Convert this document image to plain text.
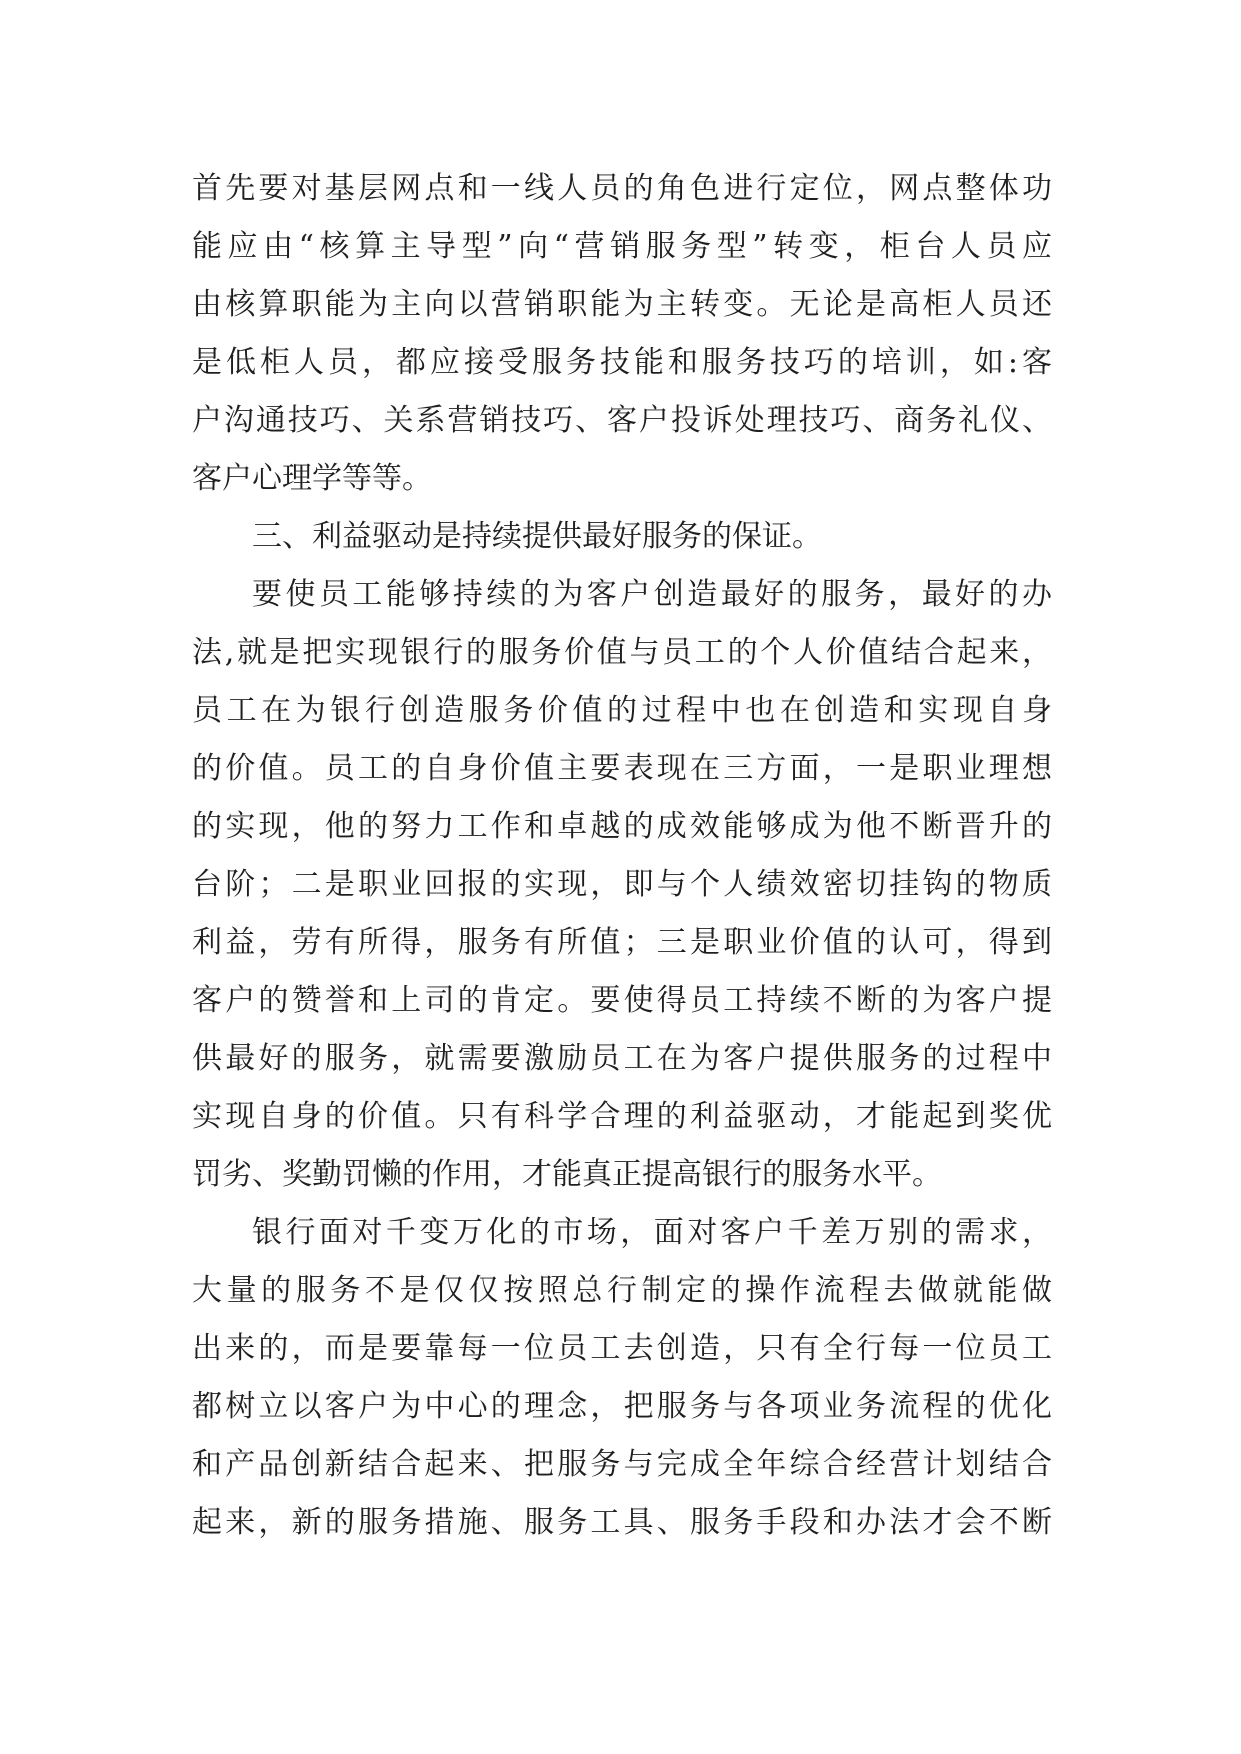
首先要对基层网点和一线人员的角色进行定位，网点整体功
能应由“核算主导型”向“营销服务型”转变，柜台人员应
由核算职能为主向以营销职能为主转变。无论是高柜人员还
是低柜人员，都应接受服务技能和服务技巧的培训，如:客
户沟通技巧、关系营销技巧、客户投诉处理技巧、商务礼仪、
客户心理学等等。
三、利益驱动是持续提供最好服务的保证。
要使员工能够持续的为客户创造最好的服务，最好的办
法,就是把实现银行的服务价值与员工的个人价值结合起来，
员工在为银行创造服务价值的过程中也在创造和实现自身
的价值。员工的自身价值主要表现在三方面，一是职业理想
的实现，他的努力工作和卓越的成效能够成为他不断晋升的
台阶；二是职业回报的实现，即与个人绩效密切挂钩的物质
利益，劳有所得，服务有所值；三是职业价值的认可，得到
客户的赞誉和上司的肯定。要使得员工持续不断的为客户提
供最好的服务，就需要激励员工在为客户提供服务的过程中
实现自身的价值。只有科学合理的利益驱动，才能起到奖优
罚劣、奖勤罚懒的作用，才能真正提高银行的服务水平。
银行面对千变万化的市场，面对客户千差万别的需求，
大量的服务不是仅仅按照总行制定的操作流程去做就能做
出来的，而是要靠每一位员工去创造，只有全行每一位员工
都树立以客户为中心的理念，把服务与各项业务流程的优化
和产品创新结合起来、把服务与完成全年综合经营计划结合
起来，新的服务措施、服务工具、服务手段和办法才会不断
